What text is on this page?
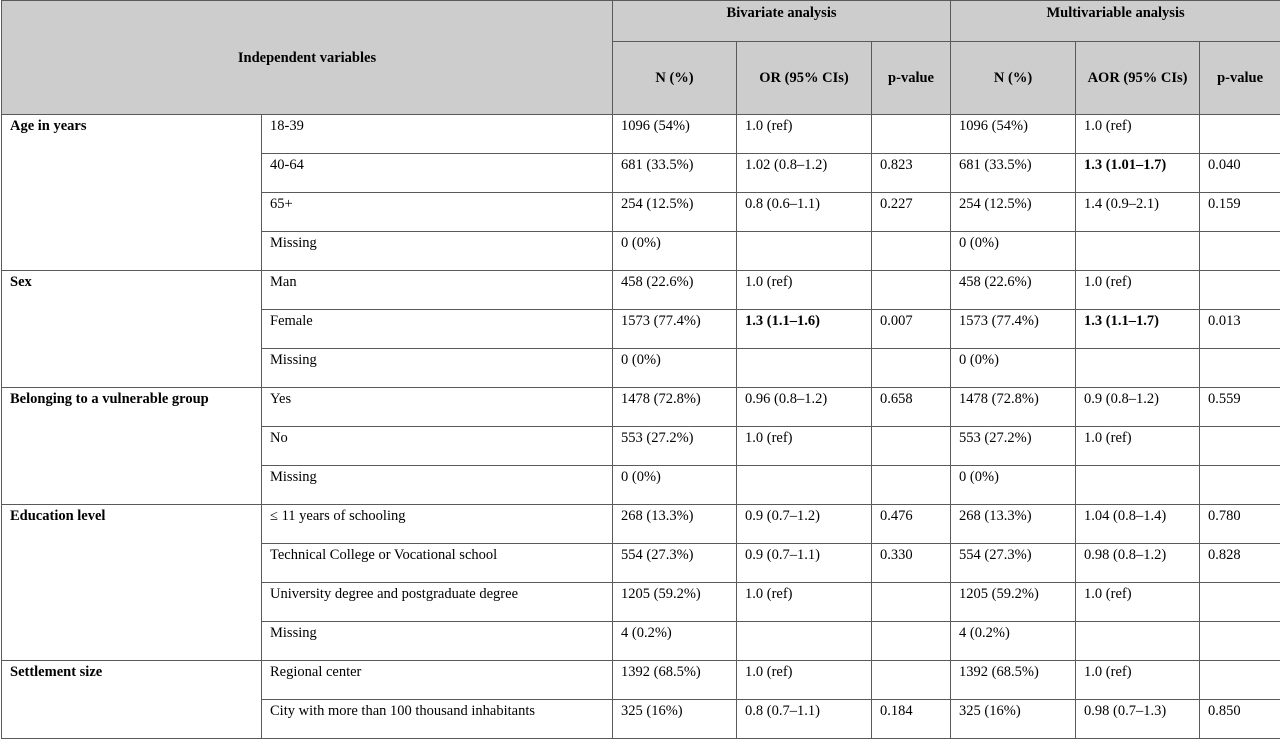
Independent variables		Bivariate analysis			Multivariable analysis		
		N (%)	OR (95% CIs)	p-value	N (%)	AOR (95% CIs)	p-value
Age in years	18-39	1096 (54%)	1.0 (ref)		1096 (54%)	1.0 (ref)	
	40-64	681 (33.5%)	1.02 (0.8–1.2)	0.823	681 (33.5%)	1.3 (1.01–1.7)	0.040
	65+	254 (12.5%)	0.8 (0.6–1.1)	0.227	254 (12.5%)	1.4 (0.9–2.1)	0.159
	Missing	0 (0%)			0 (0%)		
Sex	Man	458 (22.6%)	1.0 (ref)		458 (22.6%)	1.0 (ref)	
	Female	1573 (77.4%)	1.3 (1.1–1.6)	0.007	1573 (77.4%)	1.3 (1.1–1.7)	0.013
	Missing	0 (0%)			0 (0%)		
Belonging to a vulnerable group	Yes	1478 (72.8%)	0.96 (0.8–1.2)	0.658	1478 (72.8%)	0.9 (0.8–1.2)	0.559
	No	553 (27.2%)	1.0 (ref)		553 (27.2%)	1.0 (ref)	
	Missing	0 (0%)			0 (0%)		
Education level	≤ 11 years of schooling	268 (13.3%)	0.9 (0.7–1.2)	0.476	268 (13.3%)	1.04 (0.8–1.4)	0.780
	Technical College or Vocational school	554 (27.3%)	0.9 (0.7–1.1)	0.330	554 (27.3%)	0.98 (0.8–1.2)	0.828
	University degree and postgraduate degree	1205 (59.2%)	1.0 (ref)		1205 (59.2%)	1.0 (ref)	
	Missing	4 (0.2%)			4 (0.2%)		
Settlement size	Regional center	1392 (68.5%)	1.0 (ref)		1392 (68.5%)	1.0 (ref)	
	City with more than 100 thousand inhabitants	325 (16%)	0.8 (0.7–1.1)	0.184	325 (16%)	0.98 (0.7–1.3)	0.850
